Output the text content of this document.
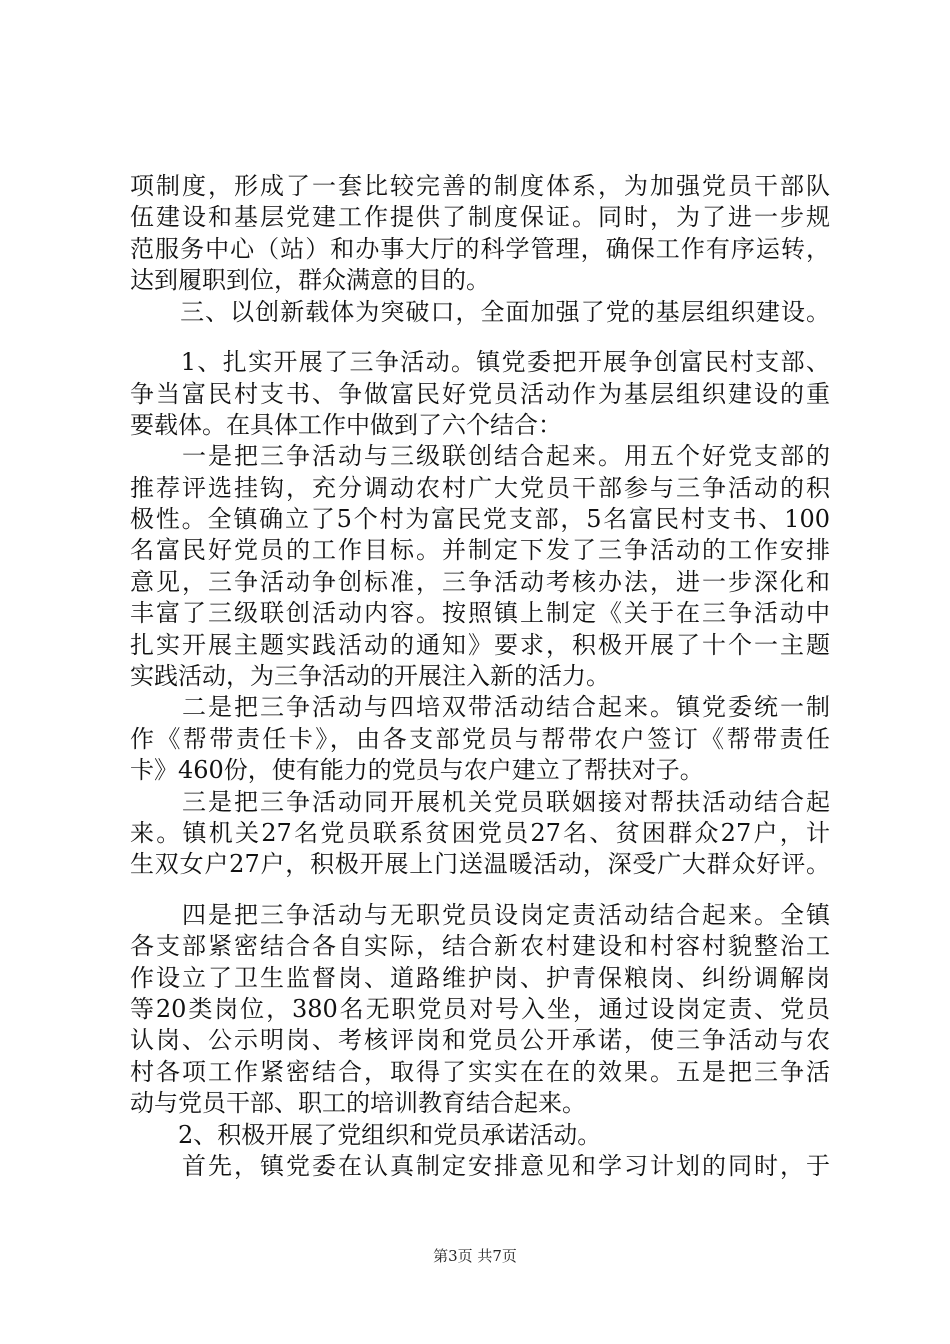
项制度，形成了一套比较完善的制度体系，为加强党员干部队
伍建设和基层党建工作提供了制度保证。同时，为了进一步规
范服务中心（站）和办事大厅的科学管理，确保工作有序运转，
达到履职到位，群众满意的目的。
　　三、以创新载体为突破口，全面加强了党的基层组织建设。
　　1、扎实开展了三争活动。镇党委把开展争创富民村支部、
争当富民村支书、争做富民好党员活动作为基层组织建设的重
要载体。在具体工作中做到了六个结合：
　　一是把三争活动与三级联创结合起来。用五个好党支部的
推荐评选挂钩，充分调动农村广大党员干部参与三争活动的积
极性。全镇确立了5个村为富民党支部，5名富民村支书、100
名富民好党员的工作目标。并制定下发了三争活动的工作安排
意见，三争活动争创标准，三争活动考核办法，进一步深化和
丰富了三级联创活动内容。按照镇上制定《关于在三争活动中
扎实开展主题实践活动的通知》要求，积极开展了十个一主题
实践活动，为三争活动的开展注入新的活力。
　　二是把三争活动与四培双带活动结合起来。镇党委统一制
作《帮带责任卡》，由各支部党员与帮带农户签订《帮带责任
卡》460份，使有能力的党员与农户建立了帮扶对子。
　　三是把三争活动同开展机关党员联姻接对帮扶活动结合起
来。镇机关27名党员联系贫困党员27名、贫困群众27户，计
生双女户27户，积极开展上门送温暖活动，深受广大群众好评。
　　四是把三争活动与无职党员设岗定责活动结合起来。全镇
各支部紧密结合各自实际，结合新农村建设和村容村貌整治工
作设立了卫生监督岗、道路维护岗、护青保粮岗、纠纷调解岗
等20类岗位，380名无职党员对号入坐，通过设岗定责、党员
认岗、公示明岗、考核评岗和党员公开承诺，使三争活动与农
村各项工作紧密结合，取得了实实在在的效果。五是把三争活
动与党员干部、职工的培训教育结合起来。
　　2、积极开展了党组织和党员承诺活动。
　　首先，镇党委在认真制定安排意见和学习计划的同时，于
第3页 共7页
